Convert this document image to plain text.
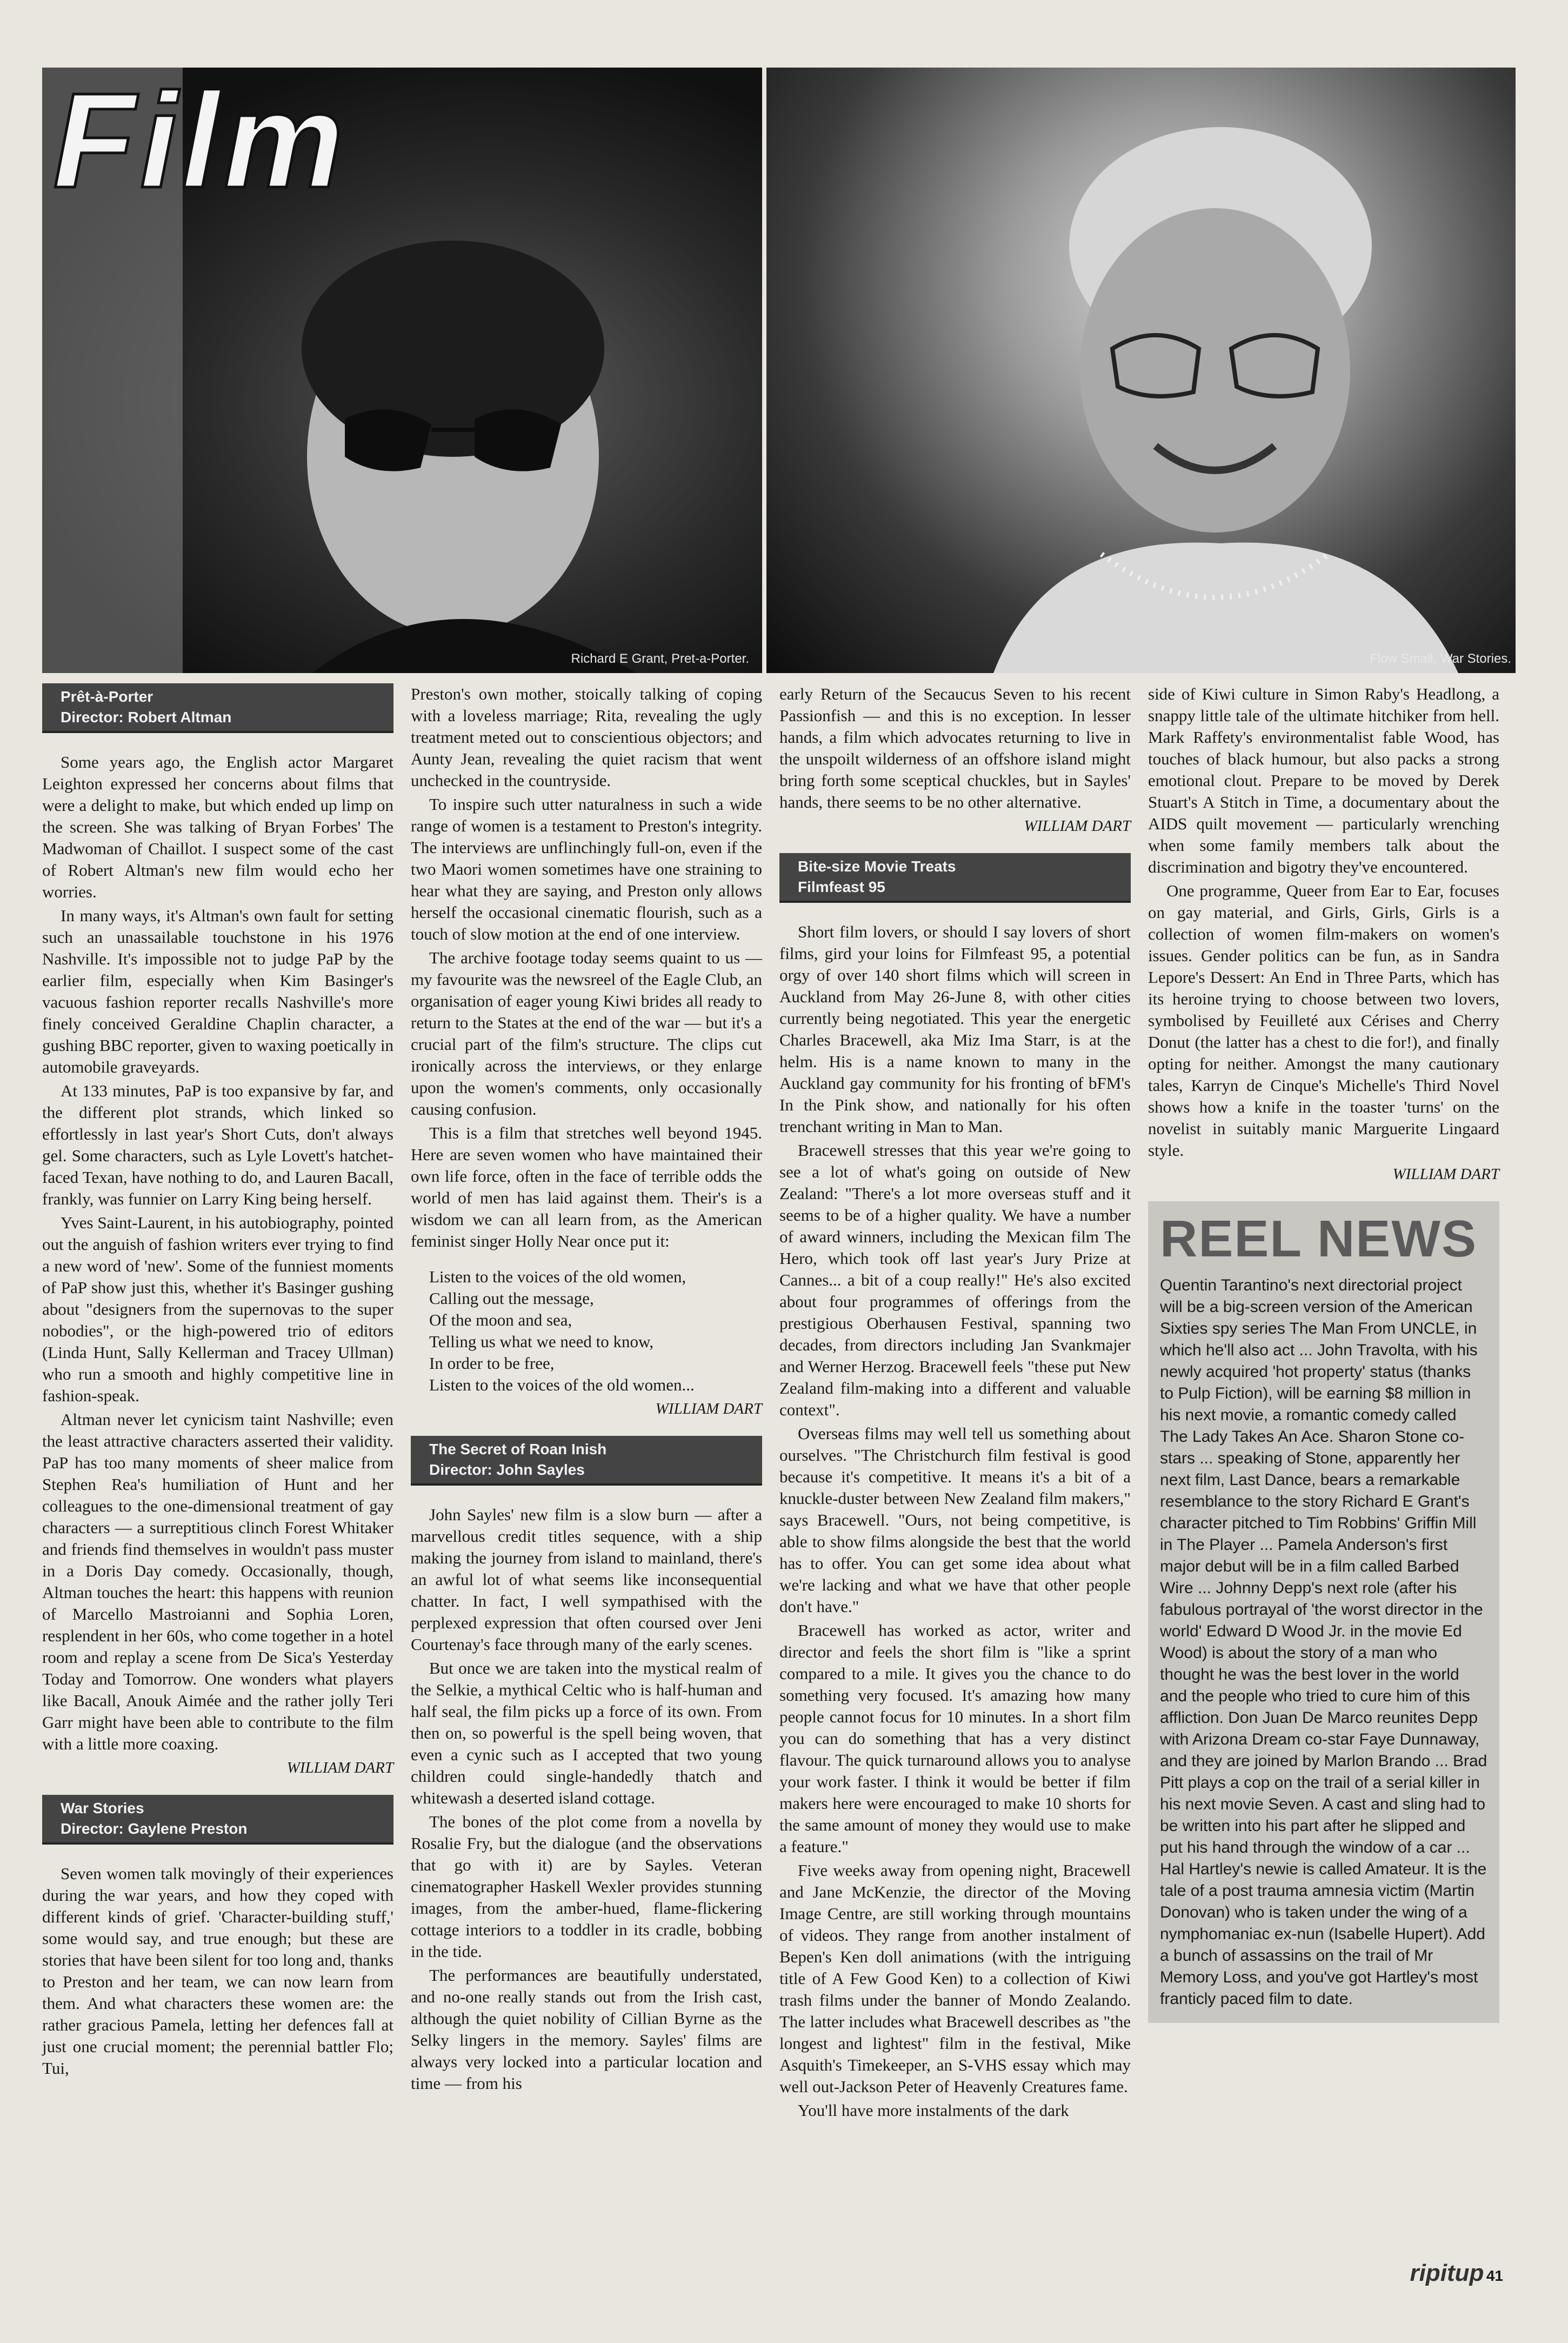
Film
Richard E Grant, Pret-a-Porter.	Flow Small, War Stories.
Prêt-à-Porter
Director: Robert Altman

Some years ago, the English actor Margaret Leighton expressed her concerns about films that were a delight to make, but which ended up limp on the screen. She was talking of Bryan Forbes' The Madwoman of Chaillot. I suspect some of the cast of Robert Altman's new film would echo her worries.

In many ways, it's Altman's own fault for setting such an unassailable touchstone in his 1976 Nashville. It's impossible not to judge PaP by the earlier film, especially when Kim Basinger's vacuous fashion reporter recalls Nashville's more finely conceived Geraldine Chaplin character, a gushing BBC reporter, given to waxing poetically in automobile graveyards.

At 133 minutes, PaP is too expansive by far, and the different plot strands, which linked so effortlessly in last year's Short Cuts, don't always gel. Some characters, such as Lyle Lovett's hatchet-faced Texan, have nothing to do, and Lauren Bacall, frankly, was funnier on Larry King being herself.

Yves Saint-Laurent, in his autobiography, pointed out the anguish of fashion writers ever trying to find a new word of 'new'. Some of the funniest moments of PaP show just this, whether it's Basinger gushing about "designers from the supernovas to the super nobodies", or the high-powered trio of editors (Linda Hunt, Sally Kellerman and Tracey Ullman) who run a smooth and highly competitive line in fashion-speak.

Altman never let cynicism taint Nashville; even the least attractive characters asserted their validity. PaP has too many moments of sheer malice from Stephen Rea's humiliation of Hunt and her colleagues to the one-dimensional treatment of gay characters — a surreptitious clinch Forest Whitaker and friends find themselves in wouldn't pass muster in a Doris Day comedy. Occasionally, though, Altman touches the heart: this happens with reunion of Marcello Mastroianni and Sophia Loren, resplendent in her 60s, who come together in a hotel room and replay a scene from De Sica's Yesterday Today and Tomorrow. One wonders what players like Bacall, Anouk Aimée and the rather jolly Teri Garr might have been able to contribute to the film with a little more coaxing.

WILLIAM DART
War Stories
Director: Gaylene Preston

Seven women talk movingly of their experiences during the war years, and how they coped with different kinds of grief. 'Character-building stuff,' some would say, and true enough; but these are stories that have been silent for too long and, thanks to Preston and her team, we can now learn from them. And what characters these women are: the rather gracious Pamela, letting her defences fall at just one crucial moment; the perennial battler Flo; Tui,

Preston's own mother, stoically talking of coping with a loveless marriage; Rita, revealing the ugly treatment meted out to conscientious objectors; and Aunty Jean, revealing the quiet racism that went unchecked in the countryside.

To inspire such utter naturalness in such a wide range of women is a testament to Preston's integrity. The interviews are unflinchingly full-on, even if the two Maori women sometimes have one straining to hear what they are saying, and Preston only allows herself the occasional cinematic flourish, such as a touch of slow motion at the end of one interview.

The archive footage today seems quaint to us — my favourite was the newsreel of the Eagle Club, an organisation of eager young Kiwi brides all ready to return to the States at the end of the war — but it's a crucial part of the film's structure. The clips cut ironically across the interviews, or they enlarge upon the women's comments, only occasionally causing confusion.

This is a film that stretches well beyond 1945. Here are seven women who have maintained their own life force, often in the face of terrible odds the world of men has laid against them. Their's is a wisdom we can all learn from, as the American feminist singer Holly Near once put it:

Listen to the voices of the old women,
Calling out the message,
Of the moon and sea,
Telling us what we need to know,
In order to be free,
Listen to the voices of the old women...
WILLIAM DART
The Secret of Roan Inish
Director: John Sayles

John Sayles' new film is a slow burn — after a marvellous credit titles sequence, with a ship making the journey from island to mainland, there's an awful lot of what seems like inconsequential chatter. In fact, I well sympathised with the perplexed expression that often coursed over Jeni Courtenay's face through many of the early scenes.

But once we are taken into the mystical realm of the Selkie, a mythical Celtic who is half-human and half seal, the film picks up a force of its own. From then on, so powerful is the spell being woven, that even a cynic such as I accepted that two young children could single-handedly thatch and whitewash a deserted island cottage.

The bones of the plot come from a novella by Rosalie Fry, but the dialogue (and the observations that go with it) are by Sayles. Veteran cinematographer Haskell Wexler provides stunning images, from the amber-hued, flame-flickering cottage interiors to a toddler in its cradle, bobbing in the tide.

The performances are beautifully understated, and no-one really stands out from the Irish cast, although the quiet nobility of Cillian Byrne as the Selky lingers in the memory. Sayles' films are always very locked into a particular location and time — from his

early Return of the Secaucus Seven to his recent Passionfish — and this is no exception. In lesser hands, a film which advocates returning to live in the unspoilt wilderness of an offshore island might bring forth some sceptical chuckles, but in Sayles' hands, there seems to be no other alternative.

WILLIAM DART
Bite-size Movie Treats
Filmfeast 95

Short film lovers, or should I say lovers of short films, gird your loins for Filmfeast 95, a potential orgy of over 140 short films which will screen in Auckland from May 26-June 8, with other cities currently being negotiated. This year the energetic Charles Bracewell, aka Miz Ima Starr, is at the helm. His is a name known to many in the Auckland gay community for his fronting of bFM's In the Pink show, and nationally for his often trenchant writing in Man to Man.

Bracewell stresses that this year we're going to see a lot of what's going on outside of New Zealand: "There's a lot more overseas stuff and it seems to be of a higher quality. We have a number of award winners, including the Mexican film The Hero, which took off last year's Jury Prize at Cannes... a bit of a coup really!" He's also excited about four programmes of offerings from the prestigious Oberhausen Festival, spanning two decades, from directors including Jan Svankmajer and Werner Herzog. Bracewell feels "these put New Zealand film-making into a different and valuable context".

Overseas films may well tell us something about ourselves. "The Christchurch film festival is good because it's competitive. It means it's a bit of a knuckle-duster between New Zealand film makers," says Bracewell. "Ours, not being competitive, is able to show films alongside the best that the world has to offer. You can get some idea about what we're lacking and what we have that other people don't have."

Bracewell has worked as actor, writer and director and feels the short film is "like a sprint compared to a mile. It gives you the chance to do something very focused. It's amazing how many people cannot focus for 10 minutes. In a short film you can do something that has a very distinct flavour. The quick turnaround allows you to analyse your work faster. I think it would be better if film makers here were encouraged to make 10 shorts for the same amount of money they would use to make a feature."

Five weeks away from opening night, Bracewell and Jane McKenzie, the director of the Moving Image Centre, are still working through mountains of videos. They range from another instalment of Bepen's Ken doll animations (with the intriguing title of A Few Good Ken) to a collection of Kiwi trash films under the banner of Mondo Zealando. The latter includes what Bracewell describes as "the longest and lightest" film in the festival, Mike Asquith's Timekeeper, an S-VHS essay which may well out-Jackson Peter of Heavenly Creatures fame.

You'll have more instalments of the dark

side of Kiwi culture in Simon Raby's Headlong, a snappy little tale of the ultimate hitchiker from hell. Mark Raffety's environmentalist fable Wood, has touches of black humour, but also packs a strong emotional clout. Prepare to be moved by Derek Stuart's A Stitch in Time, a documentary about the AIDS quilt movement — particularly wrenching when some family members talk about the discrimination and bigotry they've encountered.

One programme, Queer from Ear to Ear, focuses on gay material, and Girls, Girls, Girls is a collection of women film-makers on women's issues. Gender politics can be fun, as in Sandra Lepore's Dessert: An End in Three Parts, which has its heroine trying to choose between two lovers, symbolised by Feuilleté aux Cérises and Cherry Donut (the latter has a chest to die for!), and finally opting for neither. Amongst the many cautionary tales, Karryn de Cinque's Michelle's Third Novel shows how a knife in the toaster 'turns' on the novelist in suitably manic Marguerite Lingaard style.

WILLIAM DART
REEL NEWS

Quentin Tarantino's next directorial project will be a big-screen version of the American Sixties spy series The Man From UNCLE, in which he'll also act ... John Travolta, with his newly acquired 'hot property' status (thanks to Pulp Fiction), will be earning $8 million in his next movie, a romantic comedy called The Lady Takes An Ace. Sharon Stone co-stars ... speaking of Stone, apparently her next film, Last Dance, bears a remarkable resemblance to the story Richard E Grant's character pitched to Tim Robbins' Griffin Mill in The Player ... Pamela Anderson's first major debut will be in a film called Barbed Wire ... Johnny Depp's next role (after his fabulous portrayal of 'the worst director in the world' Edward D Wood Jr. in the movie Ed Wood) is about the story of a man who thought he was the best lover in the world and the people who tried to cure him of this affliction. Don Juan De Marco reunites Depp with Arizona Dream co-star Faye Dunnaway, and they are joined by Marlon Brando ... Brad Pitt plays a cop on the trail of a serial killer in his next movie Seven. A cast and sling had to be written into his part after he slipped and put his hand through the window of a car ... Hal Hartley's newie is called Amateur. It is the tale of a post trauma amnesia victim (Martin Donovan) who is taken under the wing of a nymphomaniac ex-nun (Isabelle Hupert). Add a bunch of assassins on the trail of Mr Memory Loss, and you've got Hartley's most franticly paced film to date.

ripitup 41
